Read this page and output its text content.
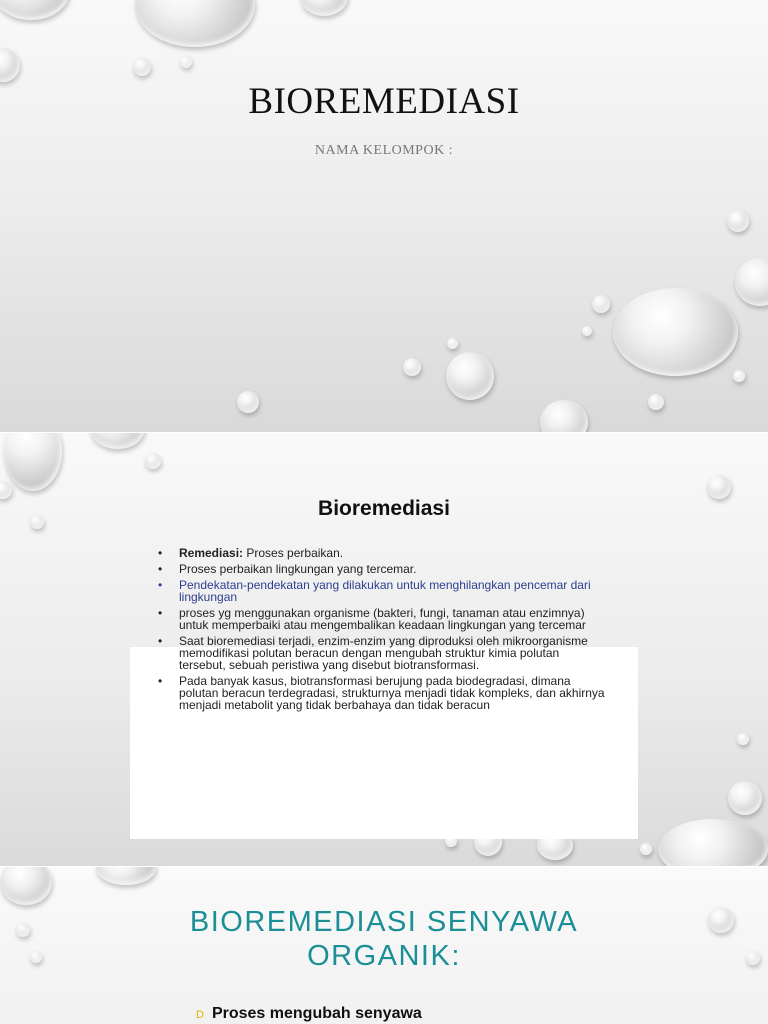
BIOREMEDIASI
NAMA KELOMPOK :
Bioremediasi
• Remediasi: Proses perbaikan.
• Proses perbaikan lingkungan yang tercemar.
• Pendekatan-pendekatan yang dilakukan untuk menghilangkan pencemar dari lingkungan
• proses yg menggunakan organisme (bakteri, fungi, tanaman atau enzimnya) untuk memperbaiki atau mengembalikan keadaan lingkungan yang tercemar
• Saat bioremediasi terjadi, enzim-enzim yang diproduksi oleh mikroorganisme memodifikasi polutan beracun dengan mengubah struktur kimia polutan tersebut, sebuah peristiwa yang disebut biotransformasi.
• Pada banyak kasus, biotransformasi berujung pada biodegradasi, dimana polutan beracun terdegradasi, strukturnya menjadi tidak kompleks, dan akhirnya menjadi metabolit yang tidak berbahaya dan tidak beracun
BIOREMEDIASI SENYAWA
ORGANIK:
D Proses mengubah senyawa
